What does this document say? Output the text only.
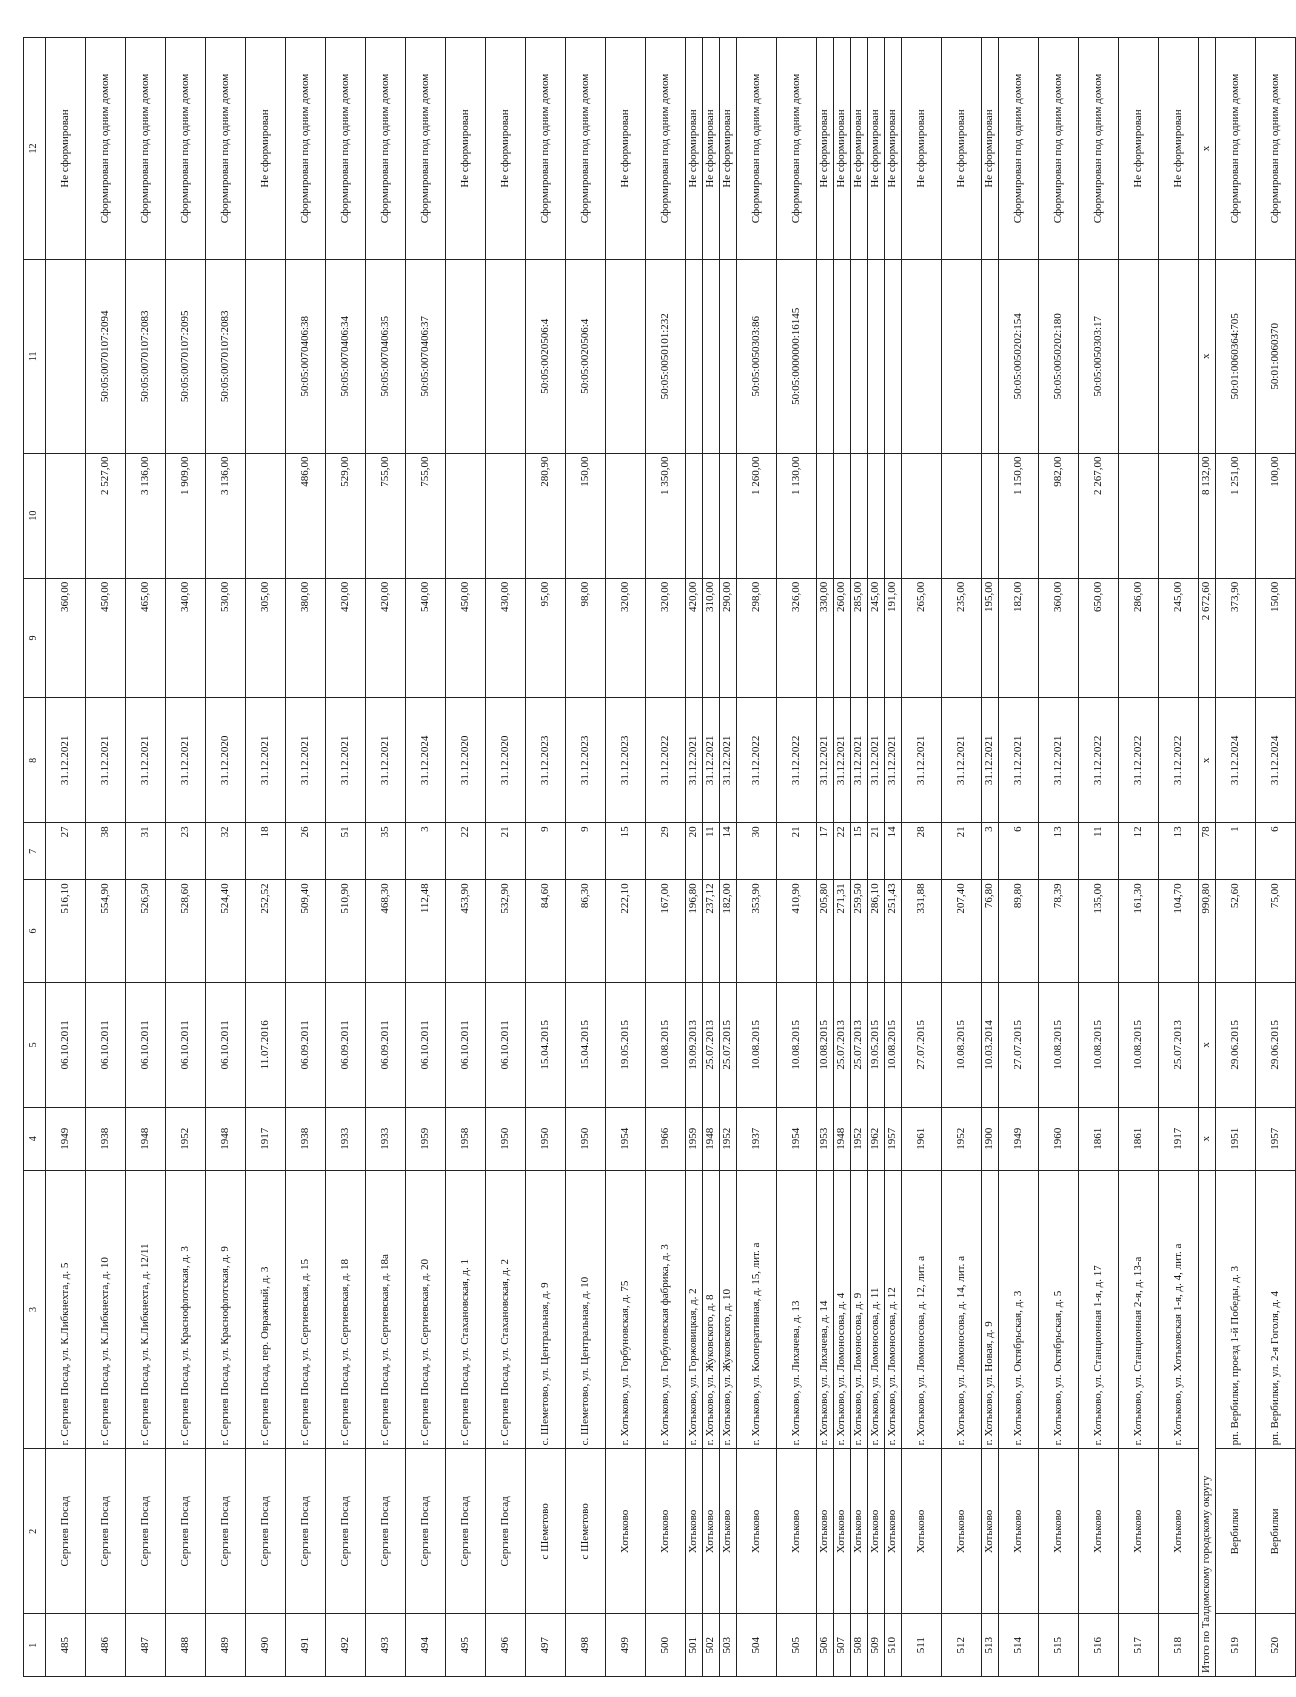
1	2	3	4	5	6	7	8	9	10	11	12
485	Сергиев Посад	г. Сергиев Посад, ул. К.Либкнехта, д. 5	1949	06.10.2011	516,10	27	31.12.2021	360,00			Не сформирован
486	Сергиев Посад	г. Сергиев Посад, ул. К.Либкнехта, д. 10	1938	06.10.2011	554,90	38	31.12.2021	450,00	2 527,00	50:05:0070107:2094	Сформирован под одним домом
487	Сергиев Посад	г. Сергиев Посад, ул. К.Либкнехта, д. 12/11	1948	06.10.2011	526,50	31	31.12.2021	465,00	3 136,00	50:05:0070107:2083	Сформирован под одним домом
488	Сергиев Посад	г. Сергиев Посад, ул. Краснофлотская, д. 3	1952	06.10.2011	528,60	23	31.12.2021	340,00	1 909,00	50:05:0070107:2095	Сформирован под одним домом
489	Сергиев Посад	г. Сергиев Посад, ул. Краснофлотская, д. 9	1948	06.10.2011	524,40	32	31.12.2020	530,00	3 136,00	50:05:0070107:2083	Сформирован под одним домом
490	Сергиев Посад	г. Сергиев Посад, пер. Овражный, д. 3	1917	11.07.2016	252,52	18	31.12.2021	305,00			Не сформирован
491	Сергиев Посад	г. Сергиев Посад, ул. Сергиевская, д. 15	1938	06.09.2011	509,40	26	31.12.2021	380,00	486,00	50:05:0070406:38	Сформирован под одним домом
492	Сергиев Посад	г. Сергиев Посад, ул. Сергиевская, д. 18	1933	06.09.2011	510,90	51	31.12.2021	420,00	529,00	50:05:0070406:34	Сформирован под одним домом
493	Сергиев Посад	г. Сергиев Посад, ул. Сергиевская, д. 18а	1933	06.09.2011	468,30	35	31.12.2021	420,00	755,00	50:05:0070406:35	Сформирован под одним домом
494	Сергиев Посад	г. Сергиев Посад, ул. Сергиевская, д. 20	1959	06.10.2011	112,48	3	31.12.2024	540,00	755,00	50:05:0070406:37	Сформирован под одним домом
495	Сергиев Посад	г. Сергиев Посад, ул. Стахановская, д. 1	1958	06.10.2011	453,90	22	31.12.2020	450,00			Не сформирован
496	Сергиев Посад	г. Сергиев Посад, ул. Стахановская, д. 2	1950	06.10.2011	532,90	21	31.12.2020	430,00			Не сформирован
497	с Шеметово	с. Шеметово, ул. Центральная, д. 9	1950	15.04.2015	84,60	9	31.12.2023	95,00	280,90	50:05:0020506:4	Сформирован под одним домом
498	с Шеметово	с. Шеметово, ул. Центральная, д. 10	1950	15.04.2015	86,30	9	31.12.2023	98,00	150,00	50:05:0020506:4	Сформирован под одним домом
499	Хотьково	г. Хотьково, ул. Горбуновская, д. 75	1954	19.05.2015	222,10	15	31.12.2023	320,00			Не сформирован
500	Хотьково	г. Хотьково, ул. Горбуновская фабрика, д. 3	1966	10.08.2015	167,00	29	31.12.2022	320,00	1 350,00	50:05:0050101:232	Сформирован под одним домом
501	Хотьково	г. Хотьково, ул. Горжовицкая, д. 2	1959	19.09.2013	196,80	20	31.12.2021	420,00			Не сформирован
502	Хотьково	г. Хотьково, ул. Жуковского, д. 8	1948	25.07.2013	237,12	11	31.12.2021	310,00			Не сформирован
503	Хотьково	г. Хотьково, ул. Жуковского, д. 10	1952	25.07.2015	182,00	14	31.12.2021	290,00			Не сформирован
504	Хотьково	г. Хотьково, ул. Кооперативная, д. 15, лит. а	1937	10.08.2015	353,90	30	31.12.2022	298,00	1 260,00	50:05:0050303:86	Сформирован под одним домом
505	Хотьково	г. Хотьково, ул. Лихачева, д. 13	1954	10.08.2015	410,90	21	31.12.2022	326,00	1 130,00	50:05:0000000:16145	Сформирован под одним домом
506	Хотьково	г. Хотьково, ул. Лихачева, д. 14	1953	10.08.2015	205,80	17	31.12.2021	330,00			Не сформирован
507	Хотьково	г. Хотьково, ул. Ломоносова, д. 4	1948	25.07.2013	271,31	22	31.12.2021	260,00			Не сформирован
508	Хотьково	г. Хотьково, ул. Ломоносова, д. 9	1952	25.07.2013	259,50	15	31.12.2021	285,00			Не сформирован
509	Хотьково	г. Хотьково, ул. Ломоносова, д. 11	1962	19.05.2015	286,10	21	31.12.2021	245,00			Не сформирован
510	Хотьково	г. Хотьково, ул. Ломоносова, д. 12	1957	10.08.2015	251,43	14	31.12.2021	191,00			Не сформирован
511	Хотьково	г. Хотьково, ул. Ломоносова, д. 12, лит. а	1961	27.07.2015	331,88	28	31.12.2021	265,00			Не сформирован
512	Хотьково	г. Хотьково, ул. Ломоносова, д. 14, лит. а	1952	10.08.2015	207,40	21	31.12.2021	235,00			Не сформирован
513	Хотьково	г. Хотьково, ул. Новая, д. 9	1900	10.03.2014	76,80	3	31.12.2021	195,00			Не сформирован
514	Хотьково	г. Хотьково, ул. Октябрьская, д. 3	1949	27.07.2015	89,80	6	31.12.2021	182,00	1 150,00	50:05:0050202:154	Сформирован под одним домом
515	Хотьково	г. Хотьково, ул. Октябрьская, д. 5	1960	10.08.2015	78,39	13	31.12.2021	360,00	982,00	50:05:0050202:180	Сформирован под одним домом
516	Хотьково	г. Хотьково, ул. Станционная 1-я, д. 17	1861	10.08.2015	135,00	11	31.12.2022	650,00	2 267,00	50:05:0050303:17	Сформирован под одним домом
517	Хотьково	г. Хотьково, ул. Станционная 2-я, д. 13-а	1861	10.08.2015	161,30	12	31.12.2022	286,00			Не сформирован
518	Хотьково	г. Хотьково, ул. Хотьковская 1-я, д. 4, лит. а	1917	25.07.2013	104,70	13	31.12.2022	245,00			Не сформирован
Итого по Талдомскому городскому округу			x	x	990,80	78	x	2 672,60	8 132,00	x	x
519	Вербилки	рп. Вербилки, проезд 1-й Победы, д. 3	1951	29.06.2015	52,60	1	31.12.2024	373,90	1 251,00	50:01:0060364:705	Сформирован под одним домом
520	Вербилки	рп. Вербилки, ул. 2-я Гоголя, д. 4	1957	29.06.2015	75,00	6	31.12.2024	150,00	100,00	50:01:0060370	Сформирован под одним домом
